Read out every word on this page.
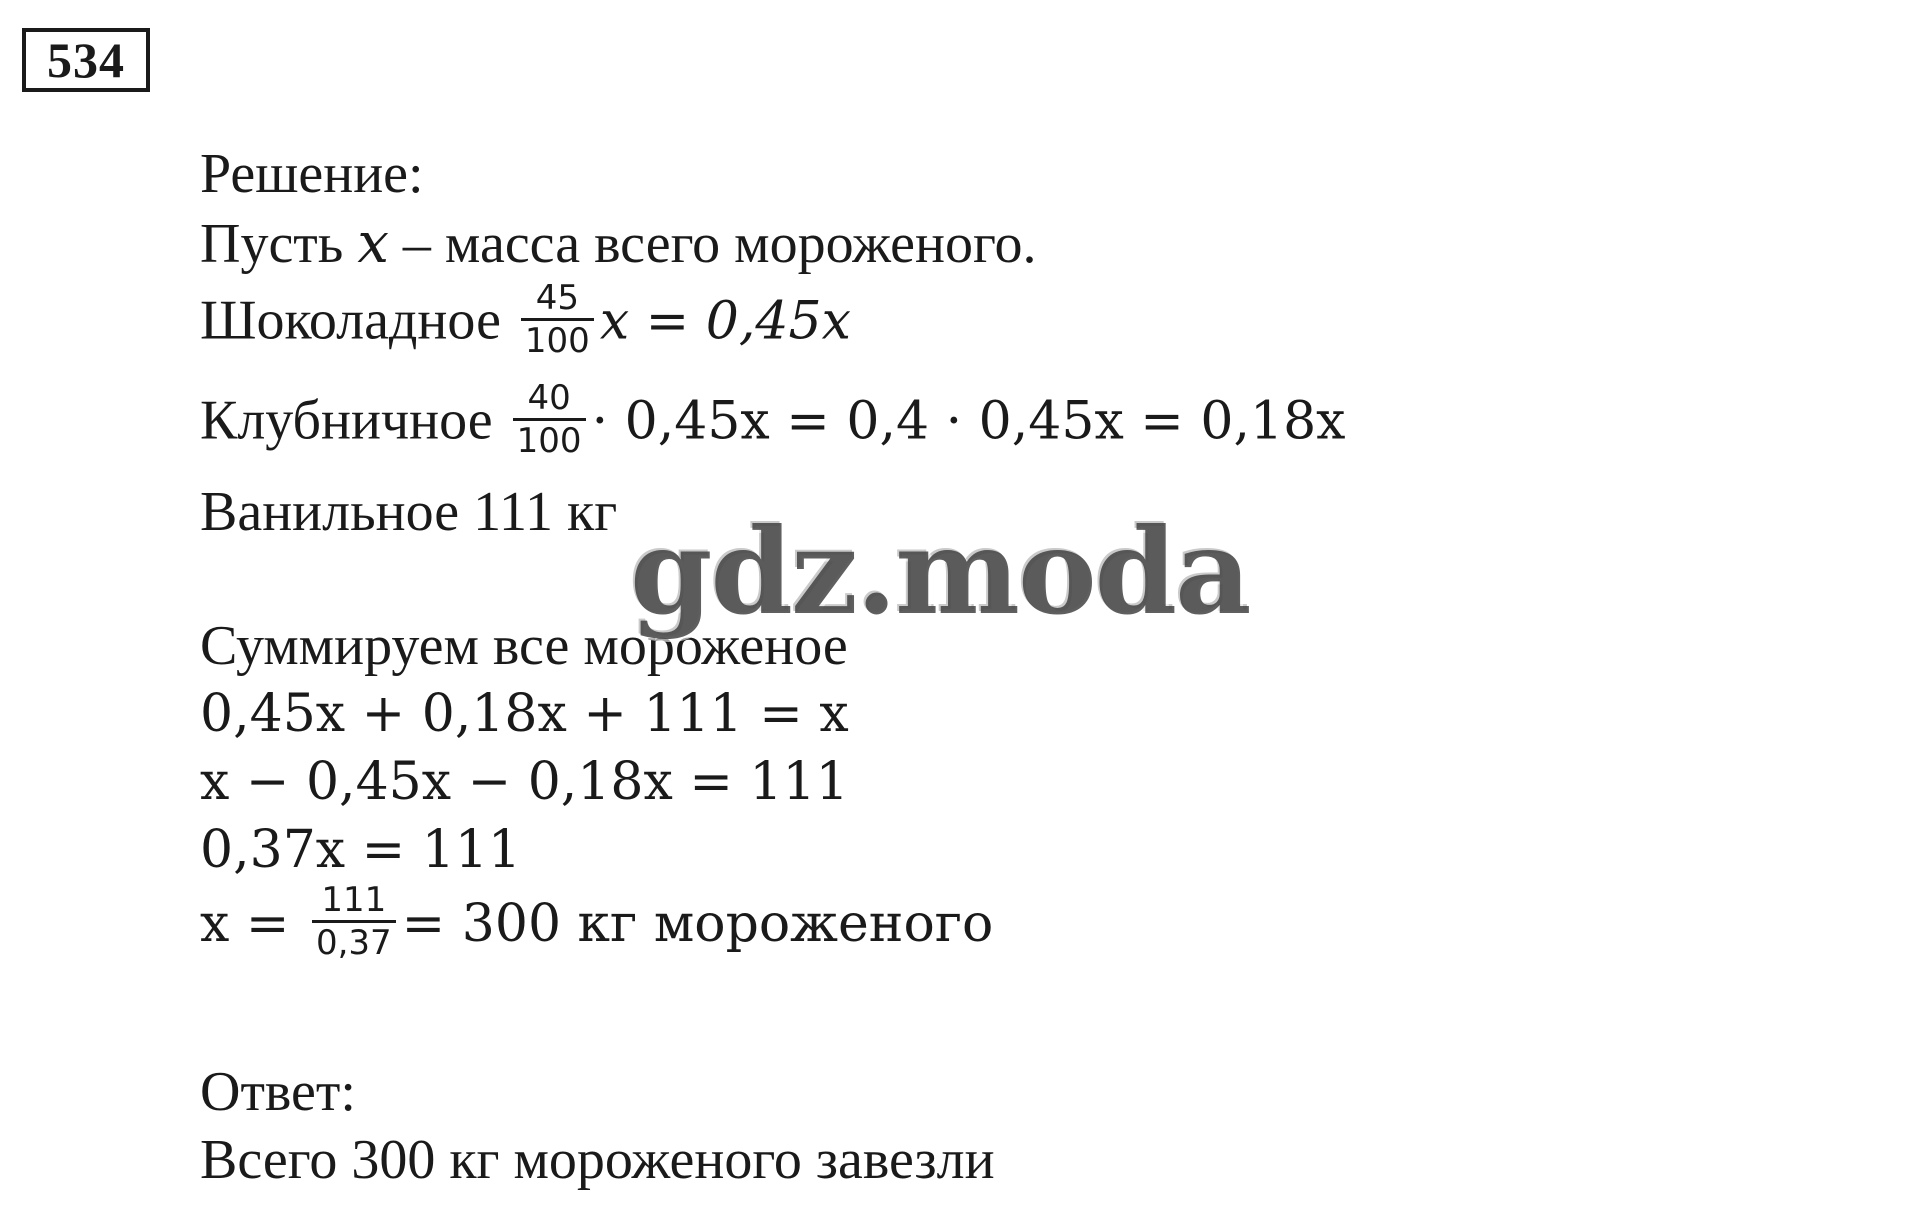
534
Решение:
Пусть x – масса всего мороженого.
Шоколадное $\frac{45}{100}$ x = 0,45x
Клубничное $\frac{40}{100} \cdot 0,45x = 0,4 \cdot 0,45x = 0,18x$
Ванильное 111 кг
Суммируем все мороженое
0,45x + 0,18x + 111 = x
x − 0,45x − 0,18x = 111
0,37x = 111
$x = \frac{111}{0,37} = 300$ кг мороженого
Ответ:
Всего 300 кг мороженого завезли
gdz.moda
